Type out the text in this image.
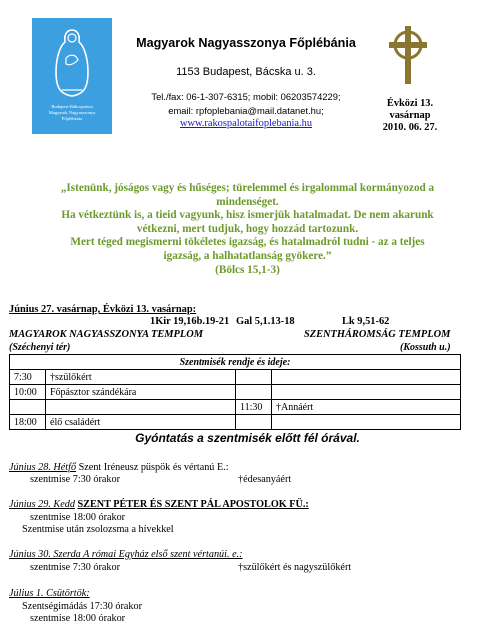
Budapest-Rákospalota
Magyarok Nagyasszonya
Főplébánia
Magyarok Nagyasszonya Főplébánia
1153 Budapest, Bácska u. 3.
Tel./fax: 06-1-307-6315; mobil: 06203574229;
email: rpfoplebania@mail.datanet.hu;
www.rakospalotaifoplebania.hu
Évközi 13.
vasárnap
2010. 06. 27.
„Istenünk, jóságos vagy és hűséges; türelemmel és irgalommal kormányozod a
mindenséget.
Ha vétkeztünk is, a tieid vagyunk, hisz ismerjük hatalmadat. De nem akarunk
vétkezni, mert tudjuk, hogy hozzád tartozunk.
Mert téged megismerni tökéletes igazság, és hatalmadról tudni - az a teljes
igazság, a halhatatlanság gyökere.”
(Bölcs 15,1-3)
Június 27. vasárnap, Évközi 13. vasárnap:
1Kir 19,16b.19-21 Gal 5,1.13-18	Lk 9,51-62
MAGYAROK NAGYASSZONYA TEMPLOM	SZENTHÁROMSÁG TEMPLOM
(Széchenyi tér)	(Kossuth u.)
Szentmisék rendje és ideje:			
7:30	†szülőkért		
10:00	Főpásztor szándékára		
		11:30	†Annáért
18:00	élő családért		
Gyóntatás a szentmisék előtt fél órával.
Június 28. Hétfő Szent Iréneusz püspök és vértanú E.:
szentmise 7:30 órakor	†édesanyáért
Június 29. Kedd SZENT PÉTER ÉS SZENT PÁL APOSTOLOK FÜ.:
szentmise 18:00 órakor
Szentmise után zsolozsma a hívekkel
Június 30. Szerda A római Egyház első szent vértanúi. e.:
szentmise 7:30 órakor	†szülőkért és nagyszülőkért
Július 1. Csütörtök:
Szentségimádás 17:30 órakor
szentmise 18:00 órakor
